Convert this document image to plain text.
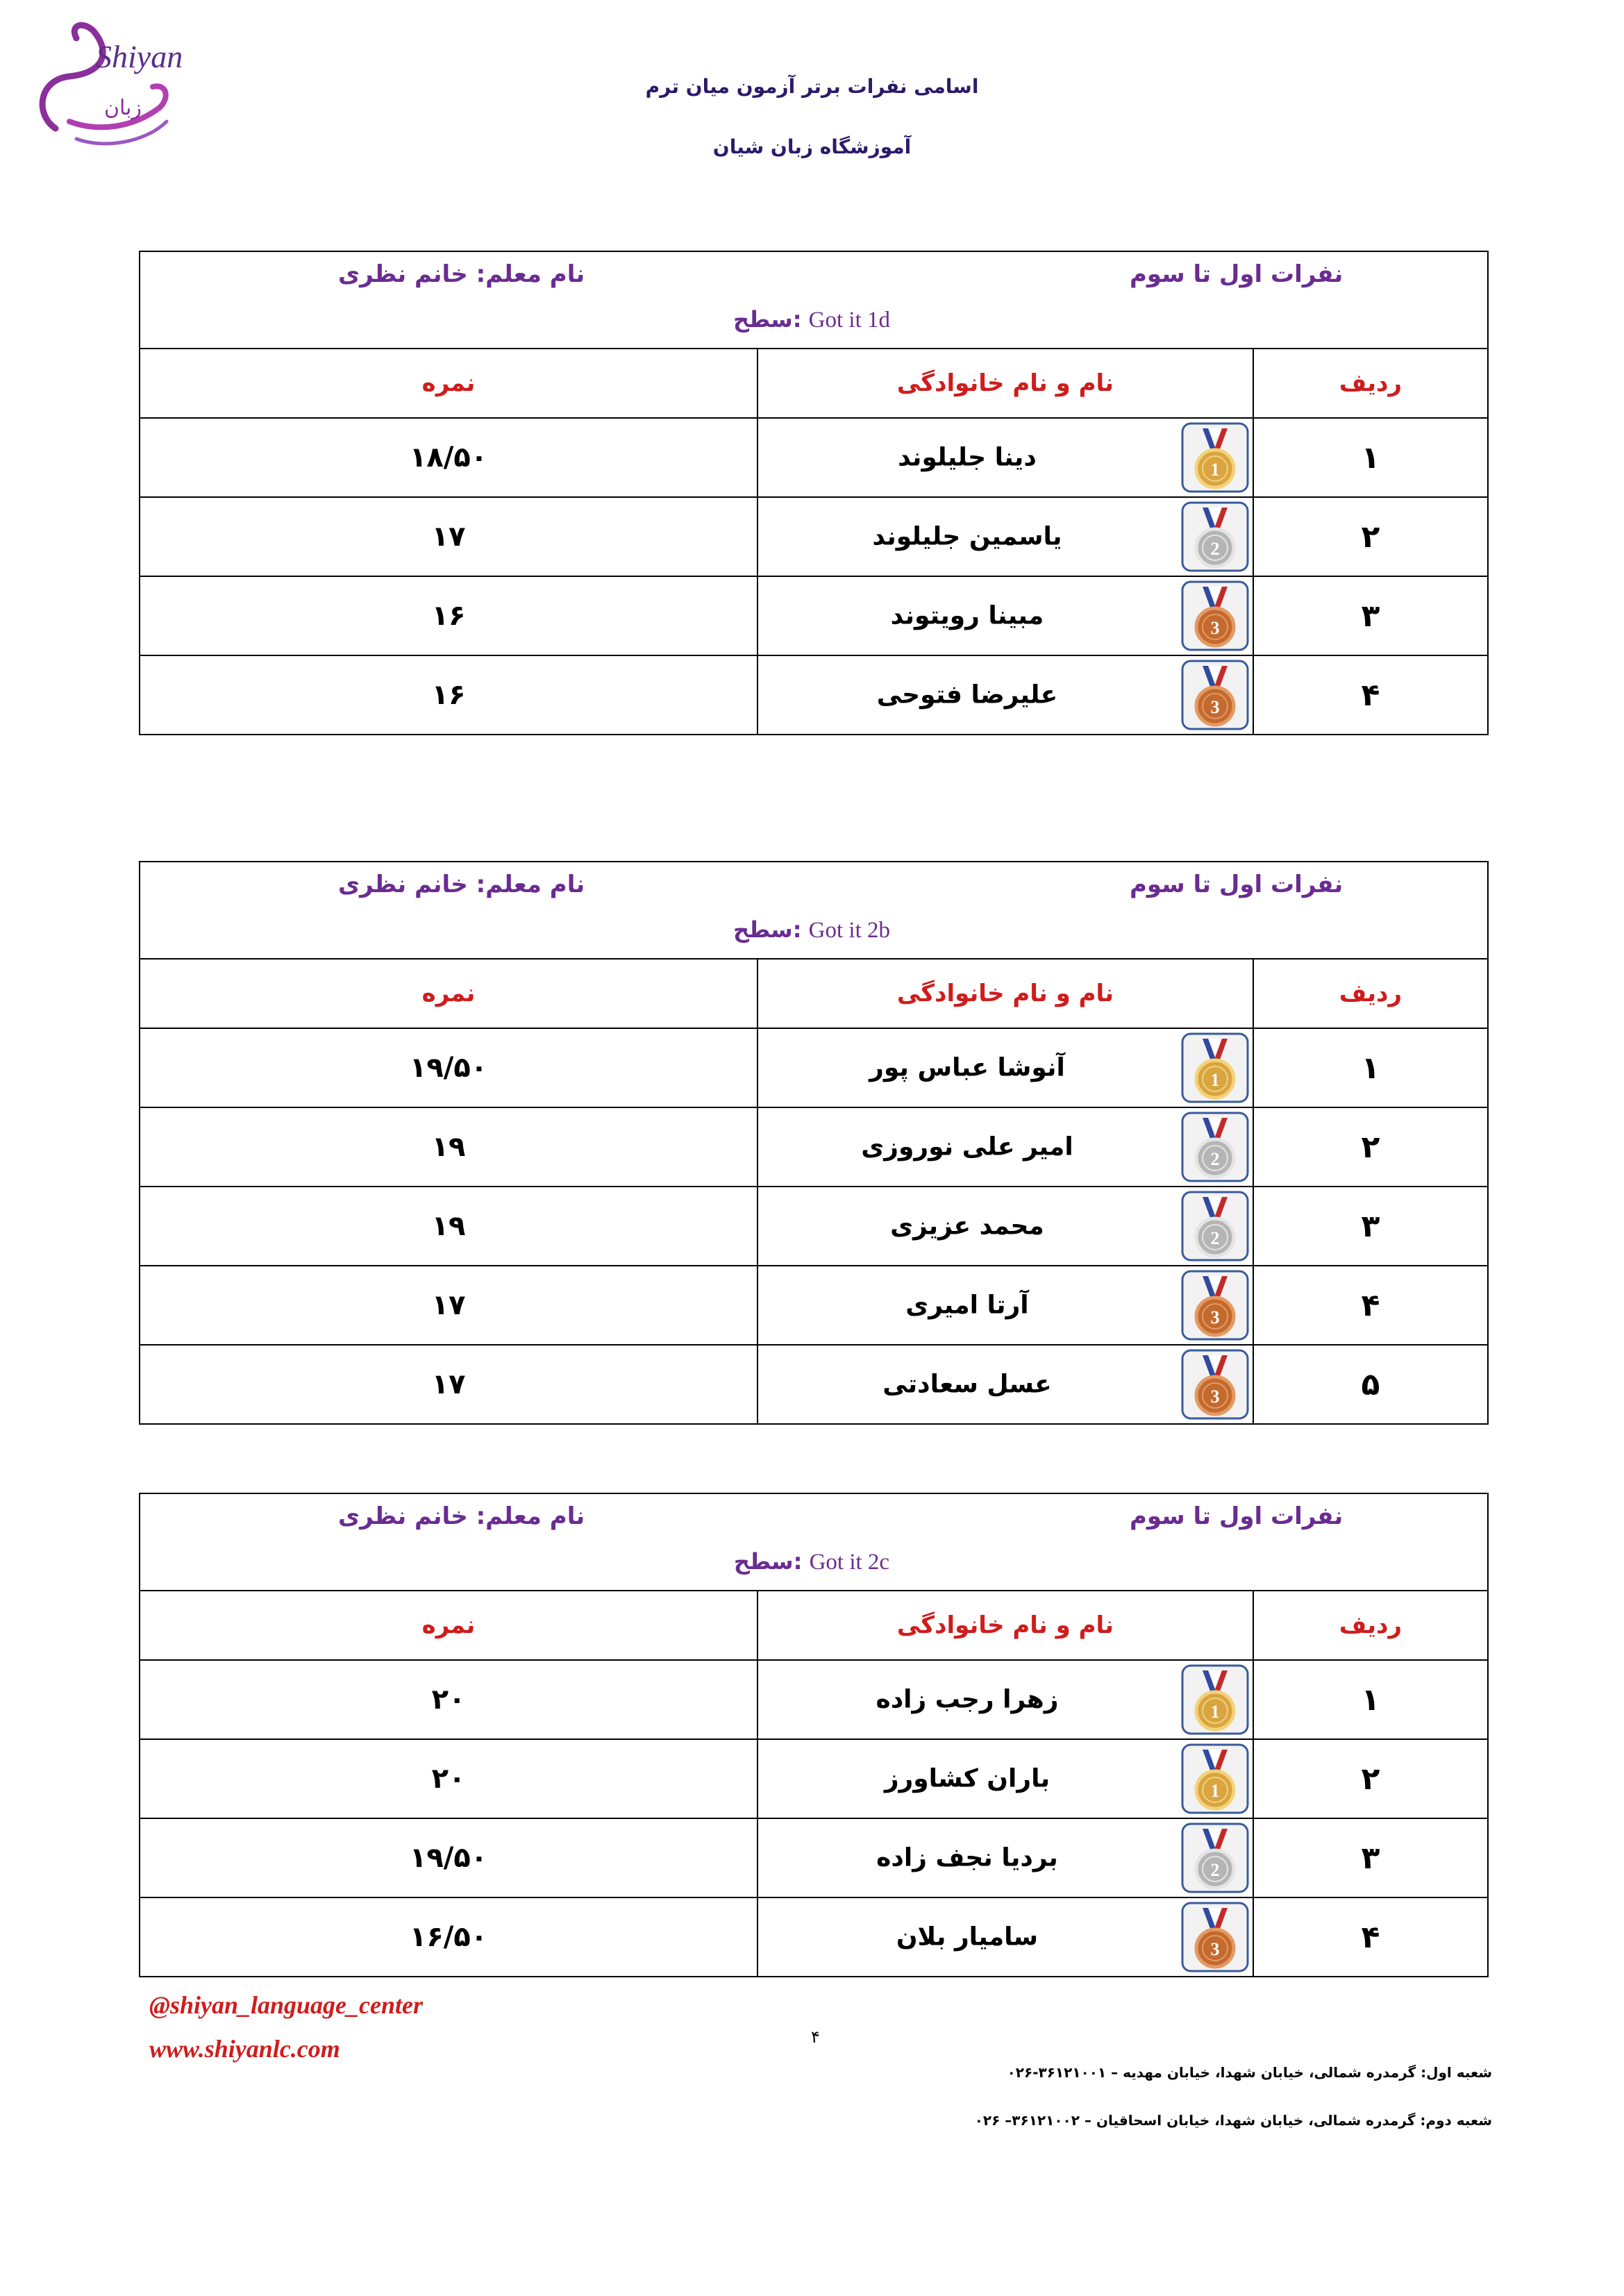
Shiyan
زبان
اسامی نفرات برتر آزمون میان ترم
آموزشگاه زبان شیان
نام معلم: خانم نظری نفرات اول تا سوم
سطح: Got it 1d		

نمره	نام و نام خانوادگی	ردیف
۱۸/۵۰	دینا جلیلوند 1	۱
۱۷	یاسمین جلیلوند 2	۲
۱۶	مبینا رویتوند 3	۳
۱۶	علیرضا فتوحی 3	۴
نام معلم: خانم نظری نفرات اول تا سوم
سطح: Got it 2b		

نمره	نام و نام خانوادگی	ردیف
۱۹/۵۰	آنوشا عباس پور 1	۱
۱۹	امیر علی نوروزی 2	۲
۱۹	محمد عزیزی 2	۳
۱۷	آرتا امیری 3	۴
۱۷	عسل سعادتی 3	۵
نام معلم: خانم نظری نفرات اول تا سوم
سطح: Got it 2c		

نمره	نام و نام خانوادگی	ردیف
۲۰	زهرا رجب زاده 1	۱
۲۰	باران کشاورز 1	۲
۱۹/۵۰	بردیا نجف زاده 2	۳
۱۶/۵۰	سامیار بلان 3	۴
@shiyan_language_center
www.shiyanlc.com	۴
شعبه اول: گرمدره شمالی، خیابان شهدا، خیابان مهدیه – ۳۶۱۲۱۰۰۱-۰۲۶
شعبه دوم: گرمدره شمالی، خیابان شهدا، خیابان اسحاقیان – ۳۶۱۲۱۰۰۲– ۰۲۶
